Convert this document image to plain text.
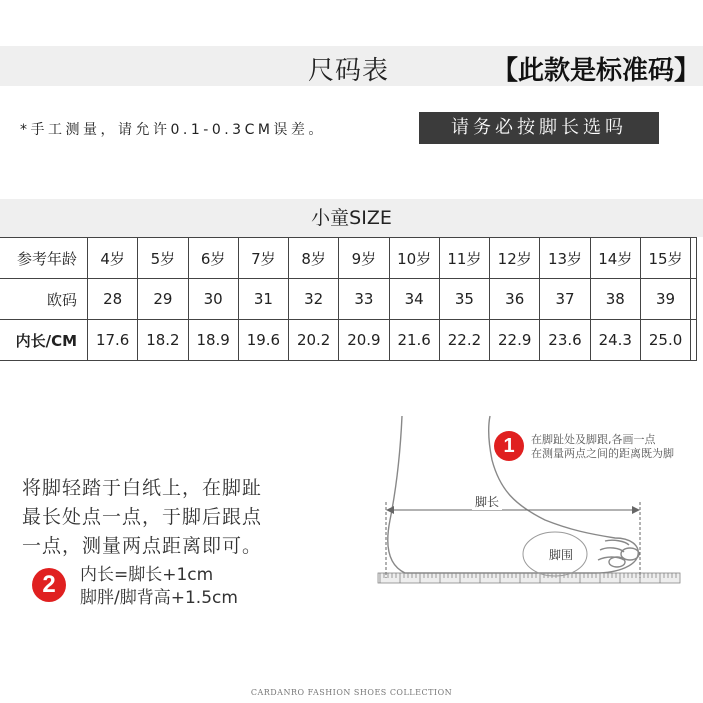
尺码表	【此款是标准码】
*手工测量，请允许0.1-0.3CM误差。	请务必按脚长选吗
小童SIZE
参考年龄	4岁	5岁	6岁	7岁	8岁	9岁	10岁	11岁	12岁	13岁	14岁	15岁	
欧码	28	29	30	31	32	33	34	35	36	37	38	39	
内长/CM	17.6	18.2	18.9	19.6	20.2	20.9	21.6	22.2	22.9	23.6	24.3	25.0	
将脚轻踏于白纸上，在脚趾
最长处点一点，于脚后跟点
一点，测量两点距离即可。
2	内长=脚长+1cm
脚胖/脚背高+1.5cm
脚长
脚围
1	在脚趾处及脚跟,各画一点
在测量两点之间的距离既为脚
CARDANRO FASHION SHOES COLLECTION
